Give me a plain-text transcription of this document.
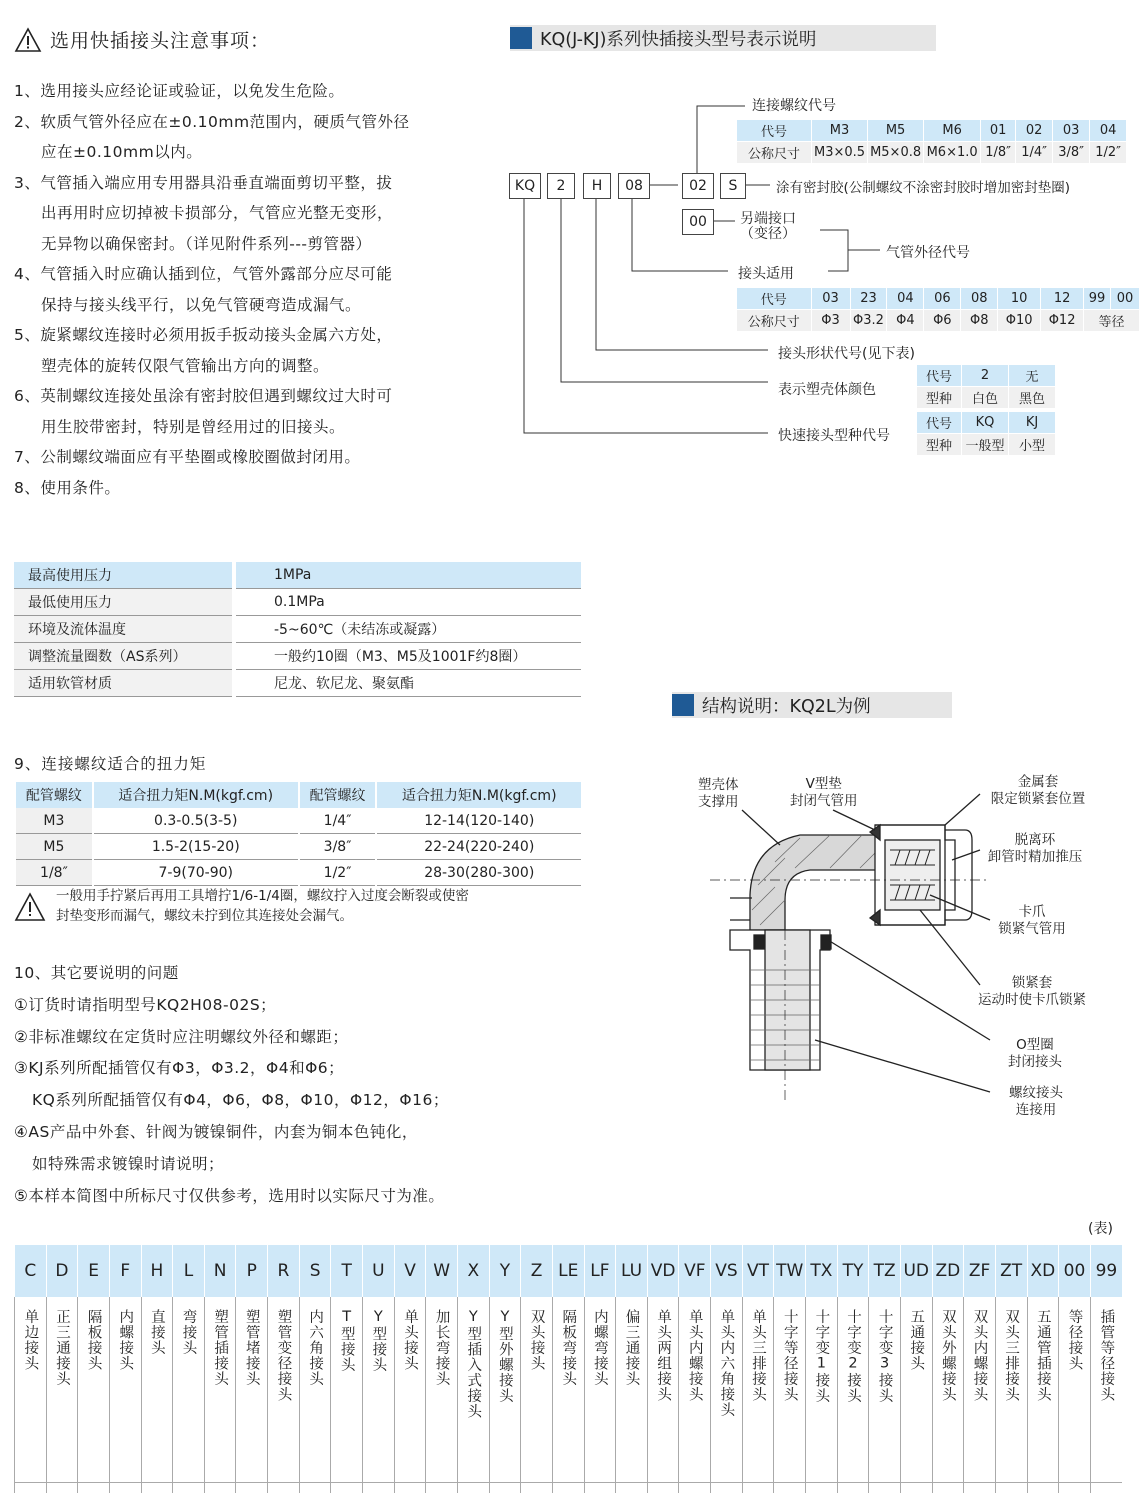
选用快插接头注意事项：
1、选用接头应经论证或验证，以免发生危险。
2、软质气管外径应在±0.10mm范围内，硬质气管外径
应在±0.10mm以内。
3、气管插入端应用专用器具沿垂直端面剪切平整，拔
出再用时应切掉被卡损部分，气管应光整无变形，
无异物以确保密封。（详见附件系列---剪管器）
4、气管插入时应确认插到位，气管外露部分应尽可能
保持与接头线平行，以免气管硬弯造成漏气。
5、旋紧螺纹连接时必须用扳手扳动接头金属六方处，
塑壳体的旋转仅限气管输出方向的调整。
6、英制螺纹连接处虽涂有密封胶但遇到螺纹过大时可
用生胶带密封，特别是曾经用过的旧接头。
7、公制螺纹端面应有平垫圈或橡胶圈做封闭用。
8、使用条件。
最高使用压力		1MPa
最低使用压力		0.1MPa
环境及流体温度		-5~60℃（未结冻或凝露）
调整流量圈数（AS系列）		一般约10圈（M3、M5及1001F约8圈）
适用软管材质		尼龙、软尼龙、聚氨酯
9、连接螺纹适合的扭力矩
配管螺纹	适合扭力矩N.M(kgf.cm)	配管螺纹	适合扭力矩N.M(kgf.cm)
M3	0.3-0.5(3-5)	1/4″	12-14(120-140)
M5	1.5-2(15-20)	3/8″	22-24(220-240)
1/8″	7-9(70-90)	1/2″	28-30(280-300)
一般用手拧紧后再用工具增拧1/6-1/4圈，螺纹拧入过度会断裂或使密
封垫变形而漏气，螺纹未拧到位其连接处会漏气。
10、其它要说明的问题
①订货时请指明型号KQ2H08-02S；
②非标准螺纹在定货时应注明螺纹外径和螺距；
③KJ系列所配插管仅有Φ3，Φ3.2，Φ4和Φ6；
KQ系列所配插管仅有Φ4，Φ6，Φ8，Φ10，Φ12，Φ16；
④AS产品中外套、针阀为镀镍铜件，内套为铜本色钝化，
如特殊需求镀镍时请说明；
⑤本样本简图中所标尺寸仅供参考，选用时以实际尺寸为准。
KQ(J-KJ)系列快插接头型号表示说明
KQ	2	H	08	02	S
00
连接螺纹代号
代号	M3	M5	M6	01	02	03	04
公称尺寸	M3×0.5	M5×0.8	M6×1.0	1/8″	1/4″	3/8″	1/2″
涂有密封胶(公制螺纹不涂密封胶时增加密封垫圈)
另端接口
（变径）
气管外径代号
接头适用
代号	03	23	04	06	08	10	12	99	00
公称尺寸	Φ3	Φ3.2	Φ4	Φ6	Φ8	Φ10	Φ12	等径	
接头形状代号(见下表)
表示塑壳体颜色
代号	2	无
型种	白色	黑色
快速接头型种代号
代号	KQ	KJ
型种	一般型	小型
结构说明：KQ2L为例
塑壳体
支撑用
V型垫
封闭气管用
金属套
限定锁紧套位置
脱离环
卸管时精加推压
卡爪
锁紧气管用
锁紧套
运动时使卡爪锁紧
O型圈
封闭接头
螺纹接头
连接用
(表)
C	D	E	F	H	L	N	P	R	S	T	U	V	W	X	Y	Z	LE	LF	LU	VD	VF	VS	VT	TW	TX	TY	TZ	UD	ZD	ZF	ZT	XD	00	99
单边接头	正三通接头	隔板接头	内螺接头	直接头	弯接头	塑管插接头	塑管堵接头	塑管变径接头	内六角接头	T型接头	Y型接头	单头接头	加长弯接头	Y型插入式接头	Y型外螺接头	双头接头	隔板弯接头	内螺弯接头	偏三通接头	单头两组接头	单头内螺接头	单头内六角接头	单头三排接头	十字等径接头	十字变1接头	十字变2接头	十字变3接头	五通接头	双头外螺接头	双头内螺接头	双头三排接头	五通管插接头	等径接头	插管等径接头
